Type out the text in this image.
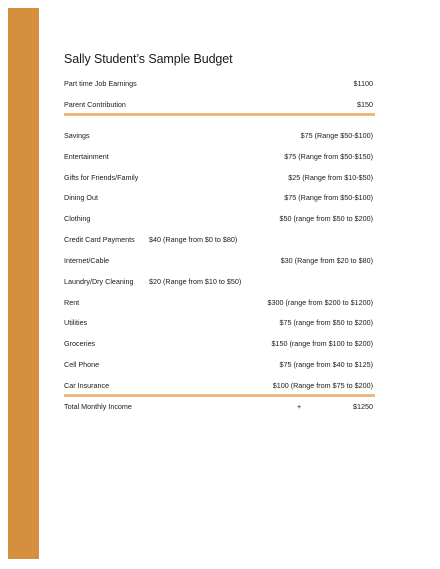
Sally Student’s Sample Budget
Part time Job Earnings	$1100
Parent Contribution	$150
Savings	$75 (Range $50-$100)
Entertainment	$75 (Range from $50-$150)
Gifts for Friends/Family	$25 (Range from $10-$50)
Dining Out	$75 (Range from $50-$100)
Clothing	$50 (range from $50 to $200)
Credit Card Payments $40 (Range from $0 to $80)
Internet/Cable	$30 (Range from $20 to $80)
Laundry/Dry Cleaning $20 (Range from $10 to $50)
Rent	$300 (range from $200 to $1200)
Utilities	$75 (range from $50 to $200)
Groceries	$150 (range from $100 to $200)
Cell Phone	$75 (range from $40 to $125)
Car Insurance	$100 (Range from $75 to $200)
Total Monthly Income	+	$1250
